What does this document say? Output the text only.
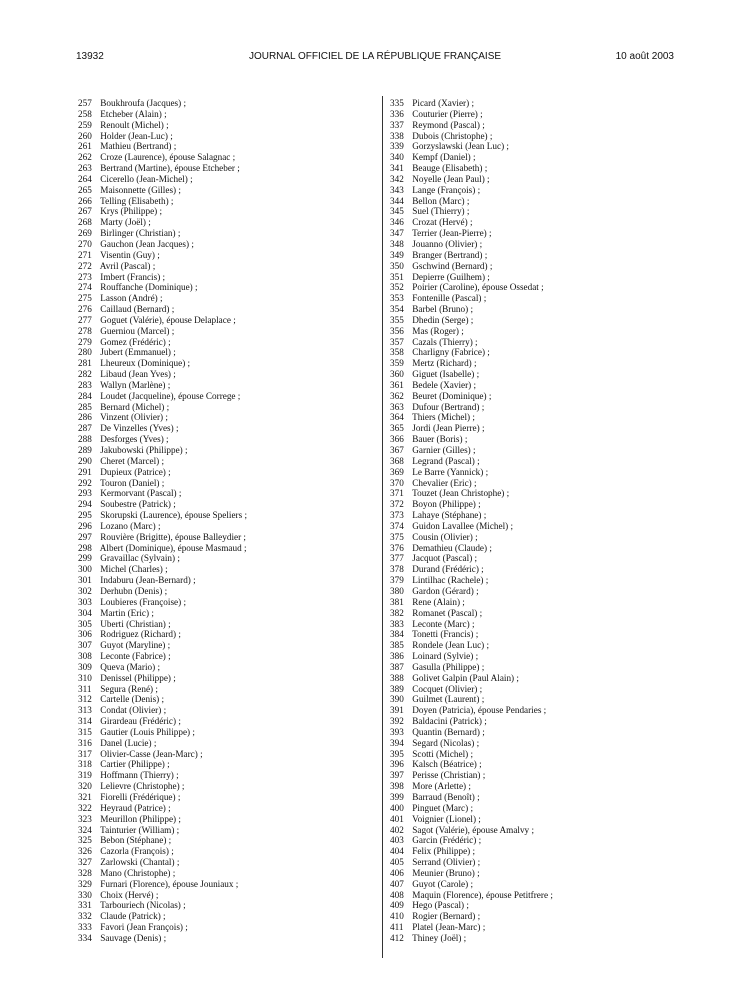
13932	JOURNAL OFFICIEL DE LA RÉPUBLIQUE FRANÇAISE	10 août 2003
257 Boukhroufa (Jacques) ;
258 Etcheber (Alain) ;
259 Renoult (Michel) ;
260 Holder (Jean-Luc) ;
261 Mathieu (Bertrand) ;
262 Croze (Laurence), épouse Salagnac ;
263 Bertrand (Martine), épouse Etcheber ;
264 Cicerello (Jean-Michel) ;
265 Maisonnette (Gilles) ;
266 Telling (Elisabeth) ;
267 Krys (Philippe) ;
268 Marty (Joël) ;
269 Birlinger (Christian) ;
270 Gauchon (Jean Jacques) ;
271 Visentin (Guy) ;
272 Avril (Pascal) ;
273 Imbert (Francis) ;
274 Rouffanche (Dominique) ;
275 Lasson (André) ;
276 Caillaud (Bernard) ;
277 Goguet (Valérie), épouse Delaplace ;
278 Guerniou (Marcel) ;
279 Gomez (Frédéric) ;
280 Jubert (Emmanuel) ;
281 Lheureux (Dominique) ;
282 Libaud (Jean Yves) ;
283 Wallyn (Marlène) ;
284 Loudet (Jacqueline), épouse Correge ;
285 Bernard (Michel) ;
286 Vinzent (Olivier) ;
287 De Vinzelles (Yves) ;
288 Desforges (Yves) ;
289 Jakubowski (Philippe) ;
290 Cheret (Marcel) ;
291 Dupieux (Patrice) ;
292 Touron (Daniel) ;
293 Kermorvant (Pascal) ;
294 Soubestre (Patrick) ;
295 Skorupski (Laurence), épouse Speliers ;
296 Lozano (Marc) ;
297 Rouvière (Brigitte), épouse Balleydier ;
298 Albert (Dominique), épouse Masmaud ;
299 Gravaillac (Sylvain) ;
300 Michel (Charles) ;
301 Indaburu (Jean-Bernard) ;
302 Derhubn (Denis) ;
303 Loubieres (Françoise) ;
304 Martin (Eric) ;
305 Uberti (Christian) ;
306 Rodriguez (Richard) ;
307 Guyot (Maryline) ;
308 Leconte (Fabrice) ;
309 Queva (Mario) ;
310 Denissel (Philippe) ;
311 Segura (René) ;
312 Cartelle (Denis) ;
313 Condat (Olivier) ;
314 Girardeau (Frédéric) ;
315 Gautier (Louis Philippe) ;
316 Danel (Lucie) ;
317 Olivier-Casse (Jean-Marc) ;
318 Cartier (Philippe) ;
319 Hoffmann (Thierry) ;
320 Lelievre (Christophe) ;
321 Fiorelli (Frédérique) ;
322 Heyraud (Patrice) ;
323 Meurillon (Philippe) ;
324 Tainturier (William) ;
325 Bebon (Stéphane) ;
326 Cazorla (François) ;
327 Zarlowski (Chantal) ;
328 Mano (Christophe) ;
329 Furnari (Florence), épouse Jouniaux ;
330 Choix (Hervé) ;
331 Tarbouriech (Nicolas) ;
332 Claude (Patrick) ;
333 Favori (Jean François) ;
334 Sauvage (Denis) ;
335 Picard (Xavier) ;
336 Couturier (Pierre) ;
337 Reymond (Pascal) ;
338 Dubois (Christophe) ;
339 Gorzyslawski (Jean Luc) ;
340 Kempf (Daniel) ;
341 Beauge (Elisabeth) ;
342 Noyelle (Jean Paul) ;
343 Lange (François) ;
344 Bellon (Marc) ;
345 Suel (Thierry) ;
346 Crozat (Hervé) ;
347 Terrier (Jean-Pierre) ;
348 Jouanno (Olivier) ;
349 Branger (Bertrand) ;
350 Gschwind (Bernard) ;
351 Depierre (Guilhem) ;
352 Poirier (Caroline), épouse Ossedat ;
353 Fontenille (Pascal) ;
354 Barbel (Bruno) ;
355 Dhedin (Serge) ;
356 Mas (Roger) ;
357 Cazals (Thierry) ;
358 Charligny (Fabrice) ;
359 Mertz (Richard) ;
360 Giguet (Isabelle) ;
361 Bedele (Xavier) ;
362 Beuret (Dominique) ;
363 Dufour (Bertrand) ;
364 Thiers (Michel) ;
365 Jordi (Jean Pierre) ;
366 Bauer (Boris) ;
367 Garnier (Gilles) ;
368 Legrand (Pascal) ;
369 Le Barre (Yannick) ;
370 Chevalier (Eric) ;
371 Touzet (Jean Christophe) ;
372 Boyon (Philippe) ;
373 Lahaye (Stéphane) ;
374 Guidon Lavallee (Michel) ;
375 Cousin (Olivier) ;
376 Demathieu (Claude) ;
377 Jacquot (Pascal) ;
378 Durand (Frédéric) ;
379 Lintilhac (Rachele) ;
380 Gardon (Gérard) ;
381 Rene (Alain) ;
382 Romanet (Pascal) ;
383 Leconte (Marc) ;
384 Tonetti (Francis) ;
385 Rondele (Jean Luc) ;
386 Loinard (Sylvie) ;
387 Gasulla (Philippe) ;
388 Golivet Galpin (Paul Alain) ;
389 Cocquet (Olivier) ;
390 Guilmet (Laurent) ;
391 Doyen (Patricia), épouse Pendaries ;
392 Baldacini (Patrick) ;
393 Quantin (Bernard) ;
394 Segard (Nicolas) ;
395 Scotti (Michel) ;
396 Kalsch (Béatrice) ;
397 Perisse (Christian) ;
398 More (Arlette) ;
399 Barraud (Benoît) ;
400 Pinguet (Marc) ;
401 Voignier (Lionel) ;
402 Sagot (Valérie), épouse Amalvy ;
403 Garcin (Frédéric) ;
404 Felix (Philippe) ;
405 Serrand (Olivier) ;
406 Meunier (Bruno) ;
407 Guyot (Carole) ;
408 Maquin (Florence), épouse Petitfrere ;
409 Hego (Pascal) ;
410 Rogier (Bernard) ;
411 Platel (Jean-Marc) ;
412 Thiney (Joël) ;
